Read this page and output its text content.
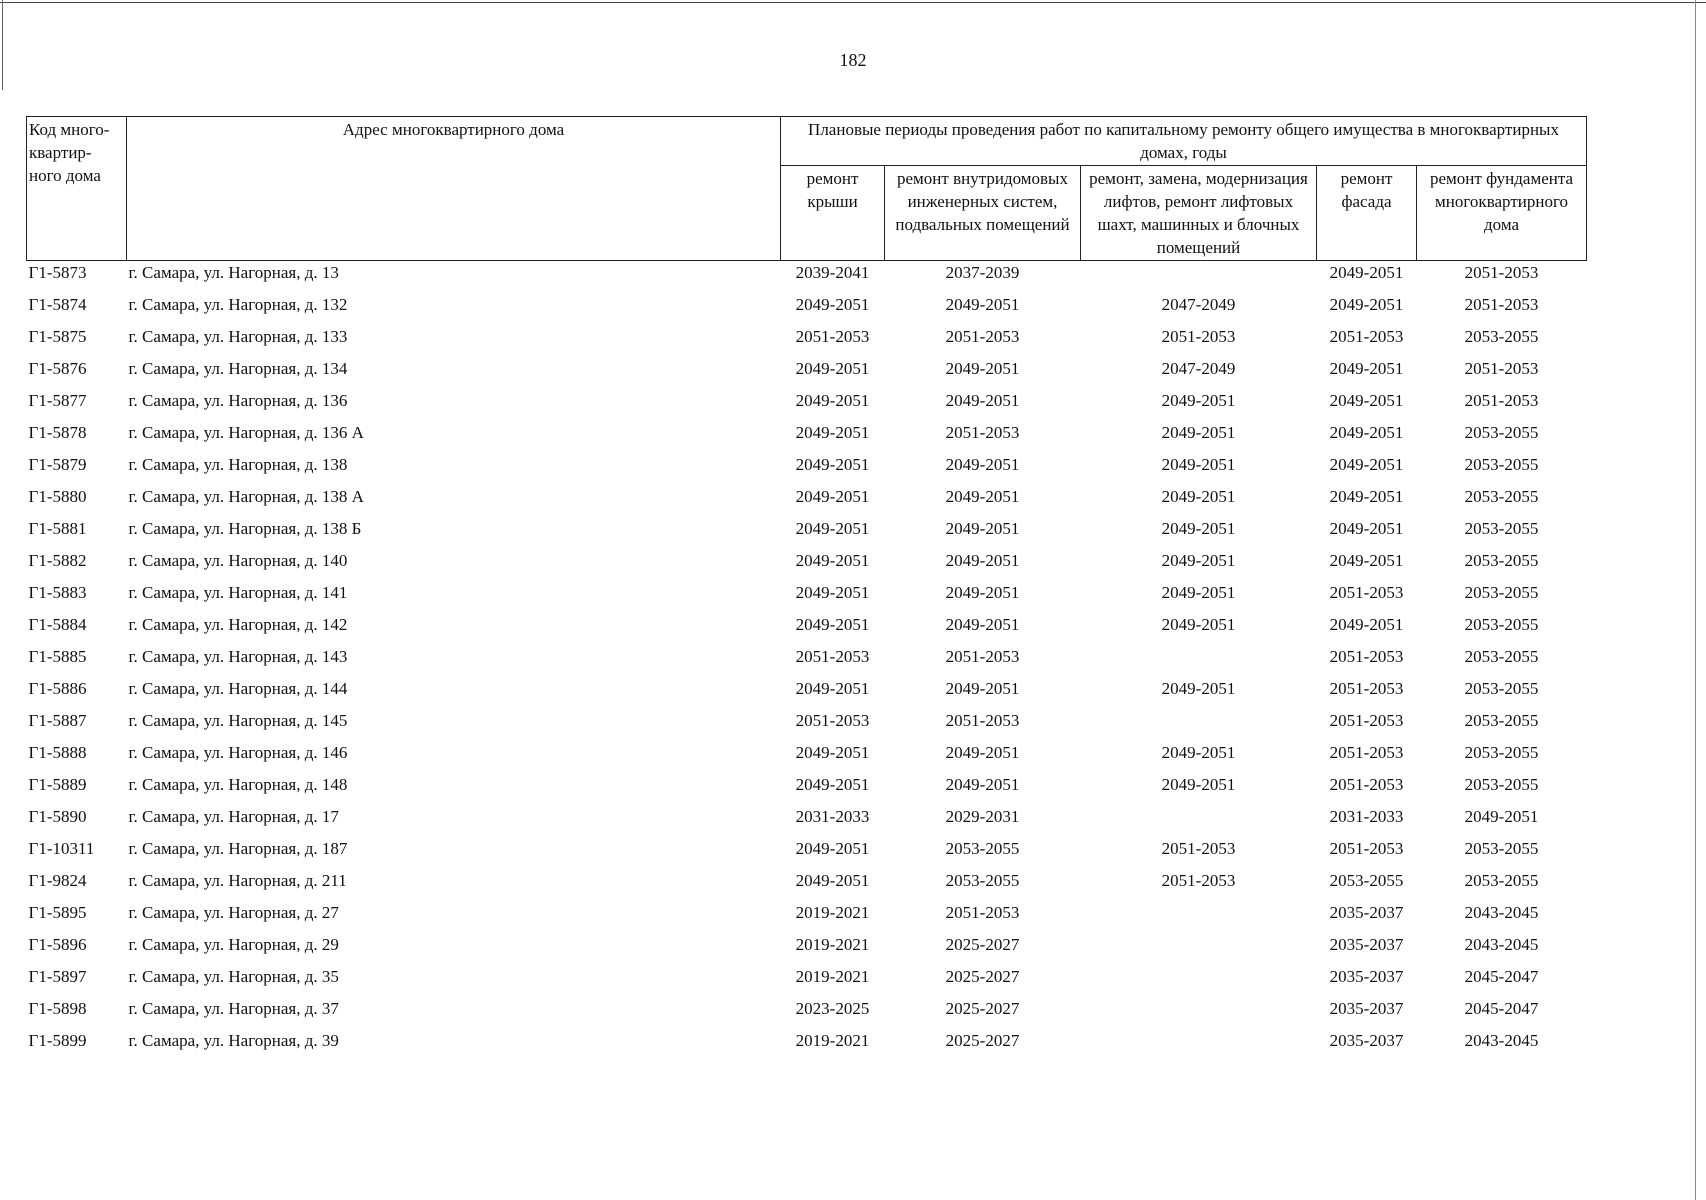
182
Код много-квартир-ного дома	Адрес многоквартирного дома	Плановые периоды проведения работ по капитальному ремонту общего имущества в многоквартирных домах, годы				
		ремонт крыши	ремонт внутридомовых инженерных систем, подвальных помещений	ремонт, замена, модернизация лифтов, ремонт лифтовых шахт, машинных и блочных помещений	ремонт фасада	ремонт фундамента многоквартирного дома
Г1-5873	г. Самара, ул. Нагорная, д. 13	2039-2041	2037-2039		2049-2051	2051-2053
Г1-5874	г. Самара, ул. Нагорная, д. 132	2049-2051	2049-2051	2047-2049	2049-2051	2051-2053
Г1-5875	г. Самара, ул. Нагорная, д. 133	2051-2053	2051-2053	2051-2053	2051-2053	2053-2055
Г1-5876	г. Самара, ул. Нагорная, д. 134	2049-2051	2049-2051	2047-2049	2049-2051	2051-2053
Г1-5877	г. Самара, ул. Нагорная, д. 136	2049-2051	2049-2051	2049-2051	2049-2051	2051-2053
Г1-5878	г. Самара, ул. Нагорная, д. 136 А	2049-2051	2051-2053	2049-2051	2049-2051	2053-2055
Г1-5879	г. Самара, ул. Нагорная, д. 138	2049-2051	2049-2051	2049-2051	2049-2051	2053-2055
Г1-5880	г. Самара, ул. Нагорная, д. 138 А	2049-2051	2049-2051	2049-2051	2049-2051	2053-2055
Г1-5881	г. Самара, ул. Нагорная, д. 138 Б	2049-2051	2049-2051	2049-2051	2049-2051	2053-2055
Г1-5882	г. Самара, ул. Нагорная, д. 140	2049-2051	2049-2051	2049-2051	2049-2051	2053-2055
Г1-5883	г. Самара, ул. Нагорная, д. 141	2049-2051	2049-2051	2049-2051	2051-2053	2053-2055
Г1-5884	г. Самара, ул. Нагорная, д. 142	2049-2051	2049-2051	2049-2051	2049-2051	2053-2055
Г1-5885	г. Самара, ул. Нагорная, д. 143	2051-2053	2051-2053		2051-2053	2053-2055
Г1-5886	г. Самара, ул. Нагорная, д. 144	2049-2051	2049-2051	2049-2051	2051-2053	2053-2055
Г1-5887	г. Самара, ул. Нагорная, д. 145	2051-2053	2051-2053		2051-2053	2053-2055
Г1-5888	г. Самара, ул. Нагорная, д. 146	2049-2051	2049-2051	2049-2051	2051-2053	2053-2055
Г1-5889	г. Самара, ул. Нагорная, д. 148	2049-2051	2049-2051	2049-2051	2051-2053	2053-2055
Г1-5890	г. Самара, ул. Нагорная, д. 17	2031-2033	2029-2031		2031-2033	2049-2051
Г1-10311	г. Самара, ул. Нагорная, д. 187	2049-2051	2053-2055	2051-2053	2051-2053	2053-2055
Г1-9824	г. Самара, ул. Нагорная, д. 211	2049-2051	2053-2055	2051-2053	2053-2055	2053-2055
Г1-5895	г. Самара, ул. Нагорная, д. 27	2019-2021	2051-2053		2035-2037	2043-2045
Г1-5896	г. Самара, ул. Нагорная, д. 29	2019-2021	2025-2027		2035-2037	2043-2045
Г1-5897	г. Самара, ул. Нагорная, д. 35	2019-2021	2025-2027		2035-2037	2045-2047
Г1-5898	г. Самара, ул. Нагорная, д. 37	2023-2025	2025-2027		2035-2037	2045-2047
Г1-5899	г. Самара, ул. Нагорная, д. 39	2019-2021	2025-2027		2035-2037	2043-2045
